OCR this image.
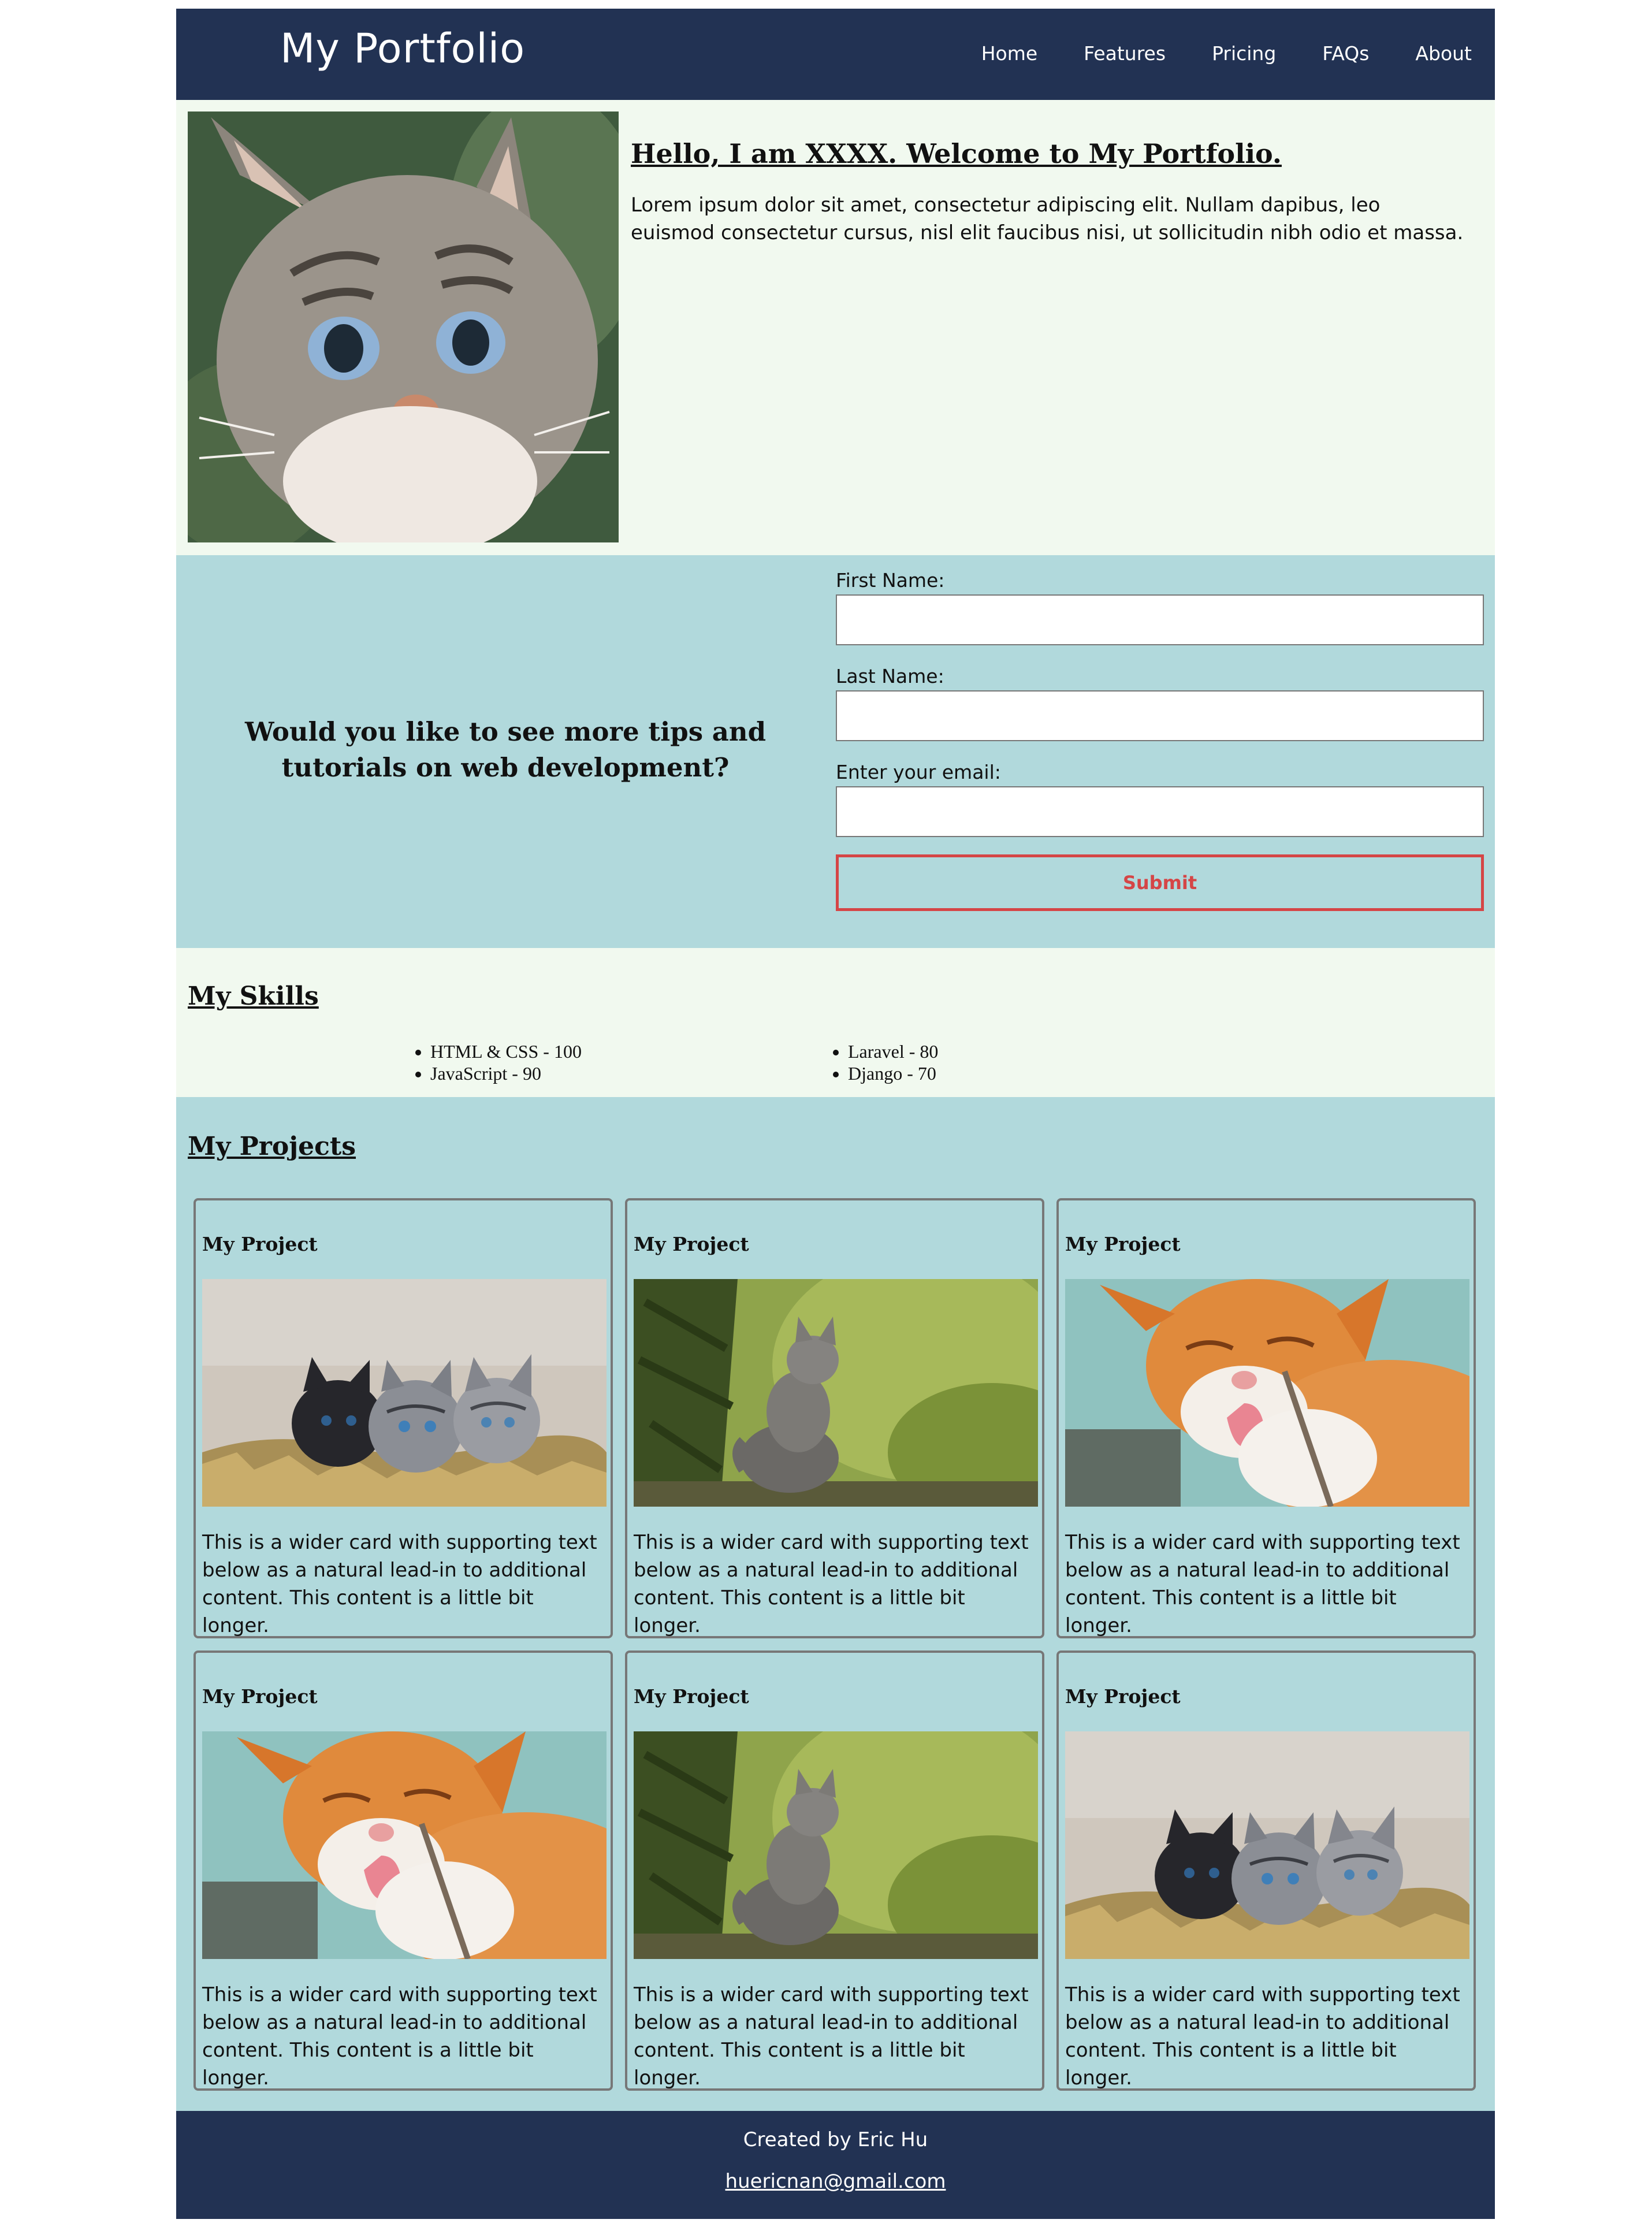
My Portfolio	Home Features Pricing FAQs About
Hello, I am XXXX. Welcome to My Portfolio.

Lorem ipsum dolor sit amet, consectetur adipiscing elit. Nullam dapibus, leo euismod consectetur cursus, nisl elit faucibus nisi, ut sollicitudin nibh odio et massa.

Would you like to see more tips and tutorials on web development?
First Name:
Last Name:
Enter your email:
Submit
My Skills
• HTML & CSS - 100
• JavaScript - 90
• Laravel - 80
• Django - 70
My Projects
My Project

This is a wider card with supporting text below as a natural lead-in to additional content. This content is a little bit longer.

My Project

This is a wider card with supporting text below as a natural lead-in to additional content. This content is a little bit longer.

My Project

This is a wider card with supporting text below as a natural lead-in to additional content. This content is a little bit longer.

My Project

This is a wider card with supporting text below as a natural lead-in to additional content. This content is a little bit longer.

My Project

This is a wider card with supporting text below as a natural lead-in to additional content. This content is a little bit longer.

My Project

This is a wider card with supporting text below as a natural lead-in to additional content. This content is a little bit longer.

Created by Eric Hu
huericnan@gmail.com
